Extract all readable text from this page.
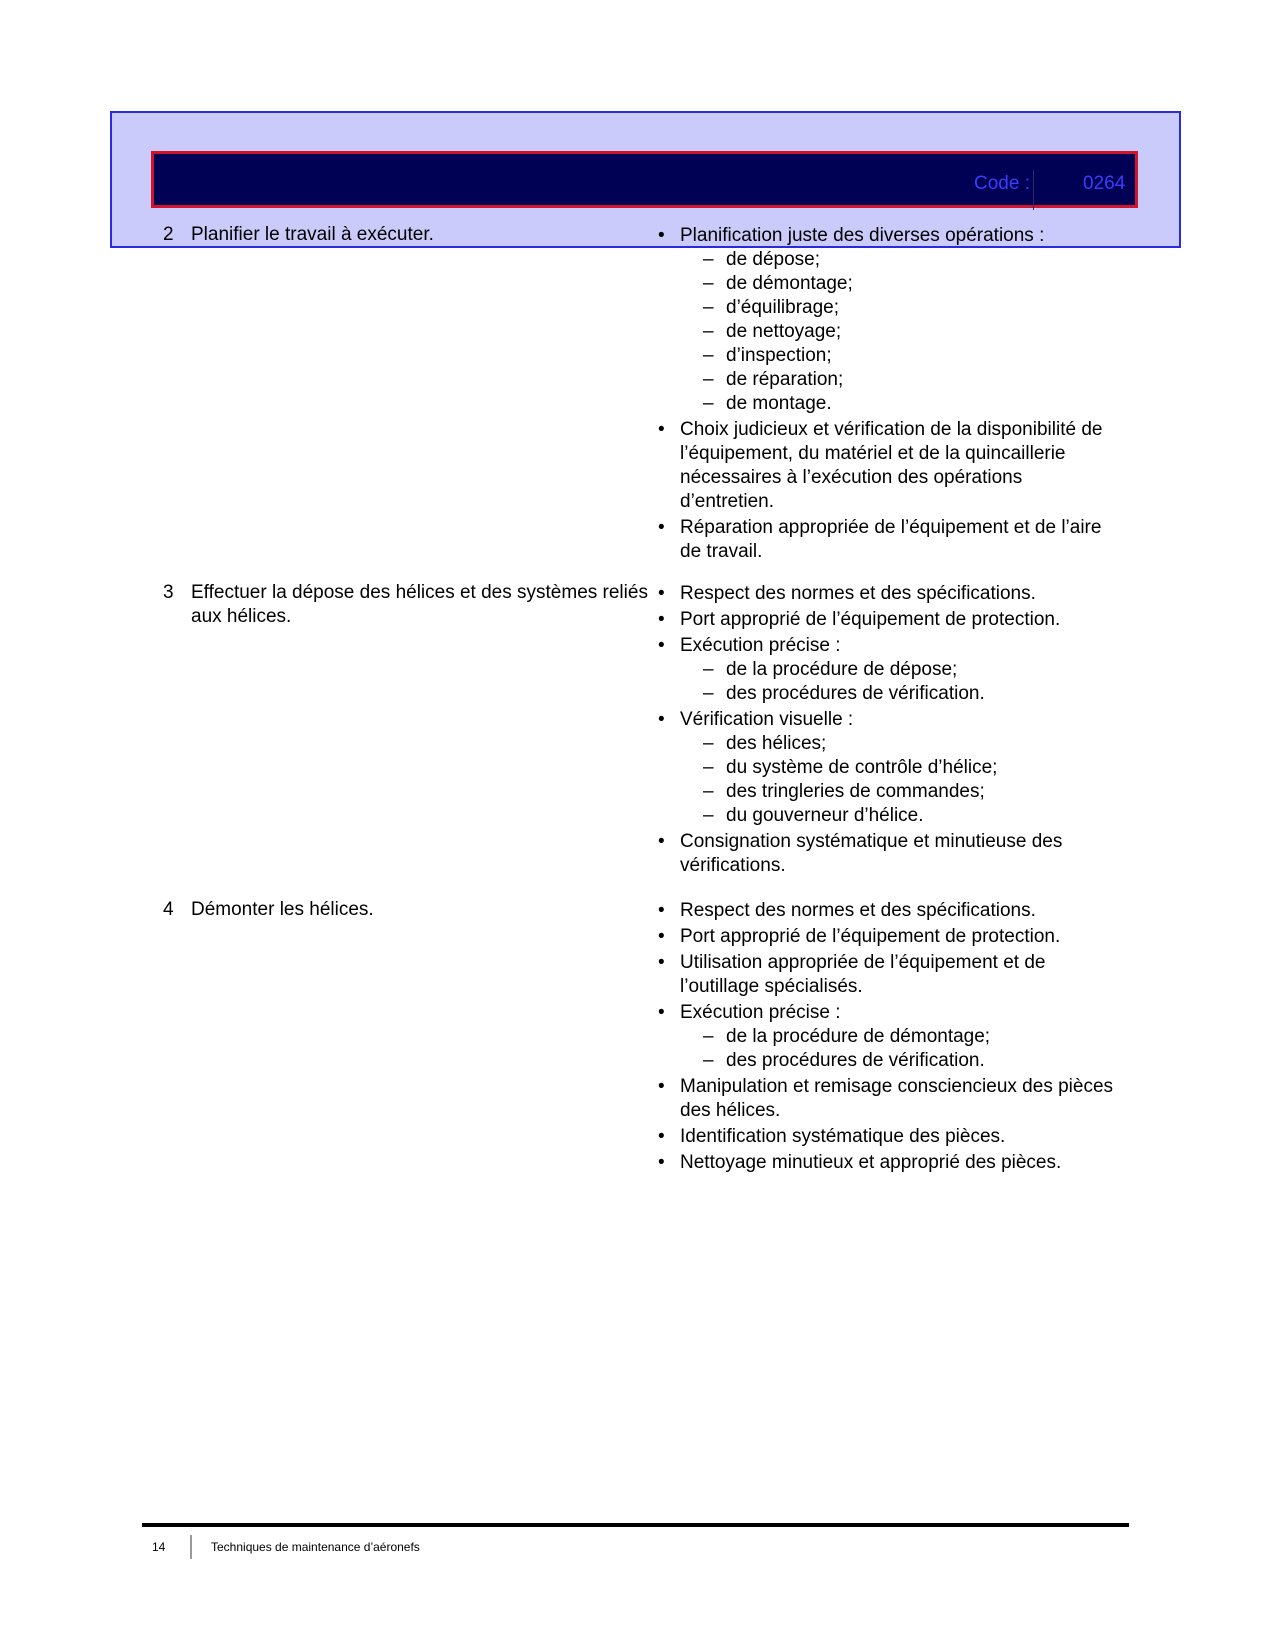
Code :	0264
2 Planifier le travail à exécuter.	• Planification juste des diverses opérations :
– de dépose;
– de démontage;
– d’équilibrage;
– de nettoyage;
– d’inspection;
– de réparation;
– de montage.
• Choix judicieux et vérification de la disponibilité de l’équipement, du matériel et de la quincaillerie nécessaires à l’exécution des opérations d’entretien.
• Réparation appropriée de l’équipement et de l’aire de travail.
3 Effectuer la dépose des hélices et des systèmes reliés aux hélices.
• Respect des normes et des spécifications.
• Port approprié de l’équipement de protection.
• Exécution précise :
– de la procédure de dépose;
– des procédures de vérification.
• Vérification visuelle :
– des hélices;
– du système de contrôle d’hélice;
– des tringleries de commandes;
– du gouverneur d’hélice.
• Consignation systématique et minutieuse des vérifications.
4 Démonter les hélices.	• Respect des normes et des spécifications.
• Port approprié de l’équipement de protection.
• Utilisation appropriée de l’équipement et de l’outillage spécialisés.
• Exécution précise :
– de la procédure de démontage;
– des procédures de vérification.
• Manipulation et remisage consciencieux des pièces des hélices.
• Identification systématique des pièces.
• Nettoyage minutieux et approprié des pièces.
14	Techniques de maintenance d’aéronefs
